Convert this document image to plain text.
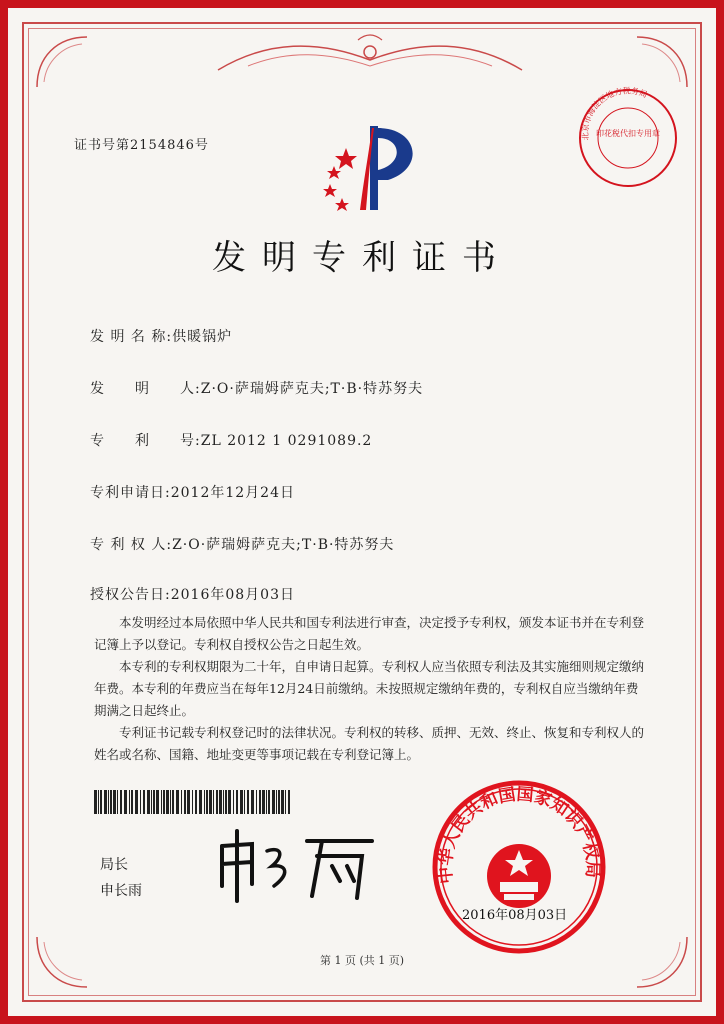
证书号第2154846号
发明专利证书
发 明 名 称:供暖锅炉
发　　明　　人:Z·O·萨瑞姆萨克夫;T·B·特苏努夫
专　　利　　号:ZL 2012 1 0291089.2
专利申请日:2012年12月24日
专 利 权 人:Z·O·萨瑞姆萨克夫;T·B·特苏努夫
授权公告日:2016年08月03日

本发明经过本局依照中华人民共和国专利法进行审查，决定授予专利权，颁发本证书并在专利登记簿上予以登记。专利权自授权公告之日起生效。

本专利的专利权期限为二十年，自申请日起算。专利权人应当依照专利法及其实施细则规定缴纳年费。本专利的年费应当在每年12月24日前缴纳。未按照规定缴纳年费的，专利权自应当缴纳年费期满之日起终止。

专利证书记载专利权登记时的法律状况。专利权的转移、质押、无效、终止、恢复和专利权人的姓名或名称、国籍、地址变更等事项记载在专利登记簿上。

局长
申长雨
中华人民共和国国家知识产权局
2016年08月03日
北京市海淀区地方税务局
印花税代扣专用章
第 1 页 (共 1 页)
